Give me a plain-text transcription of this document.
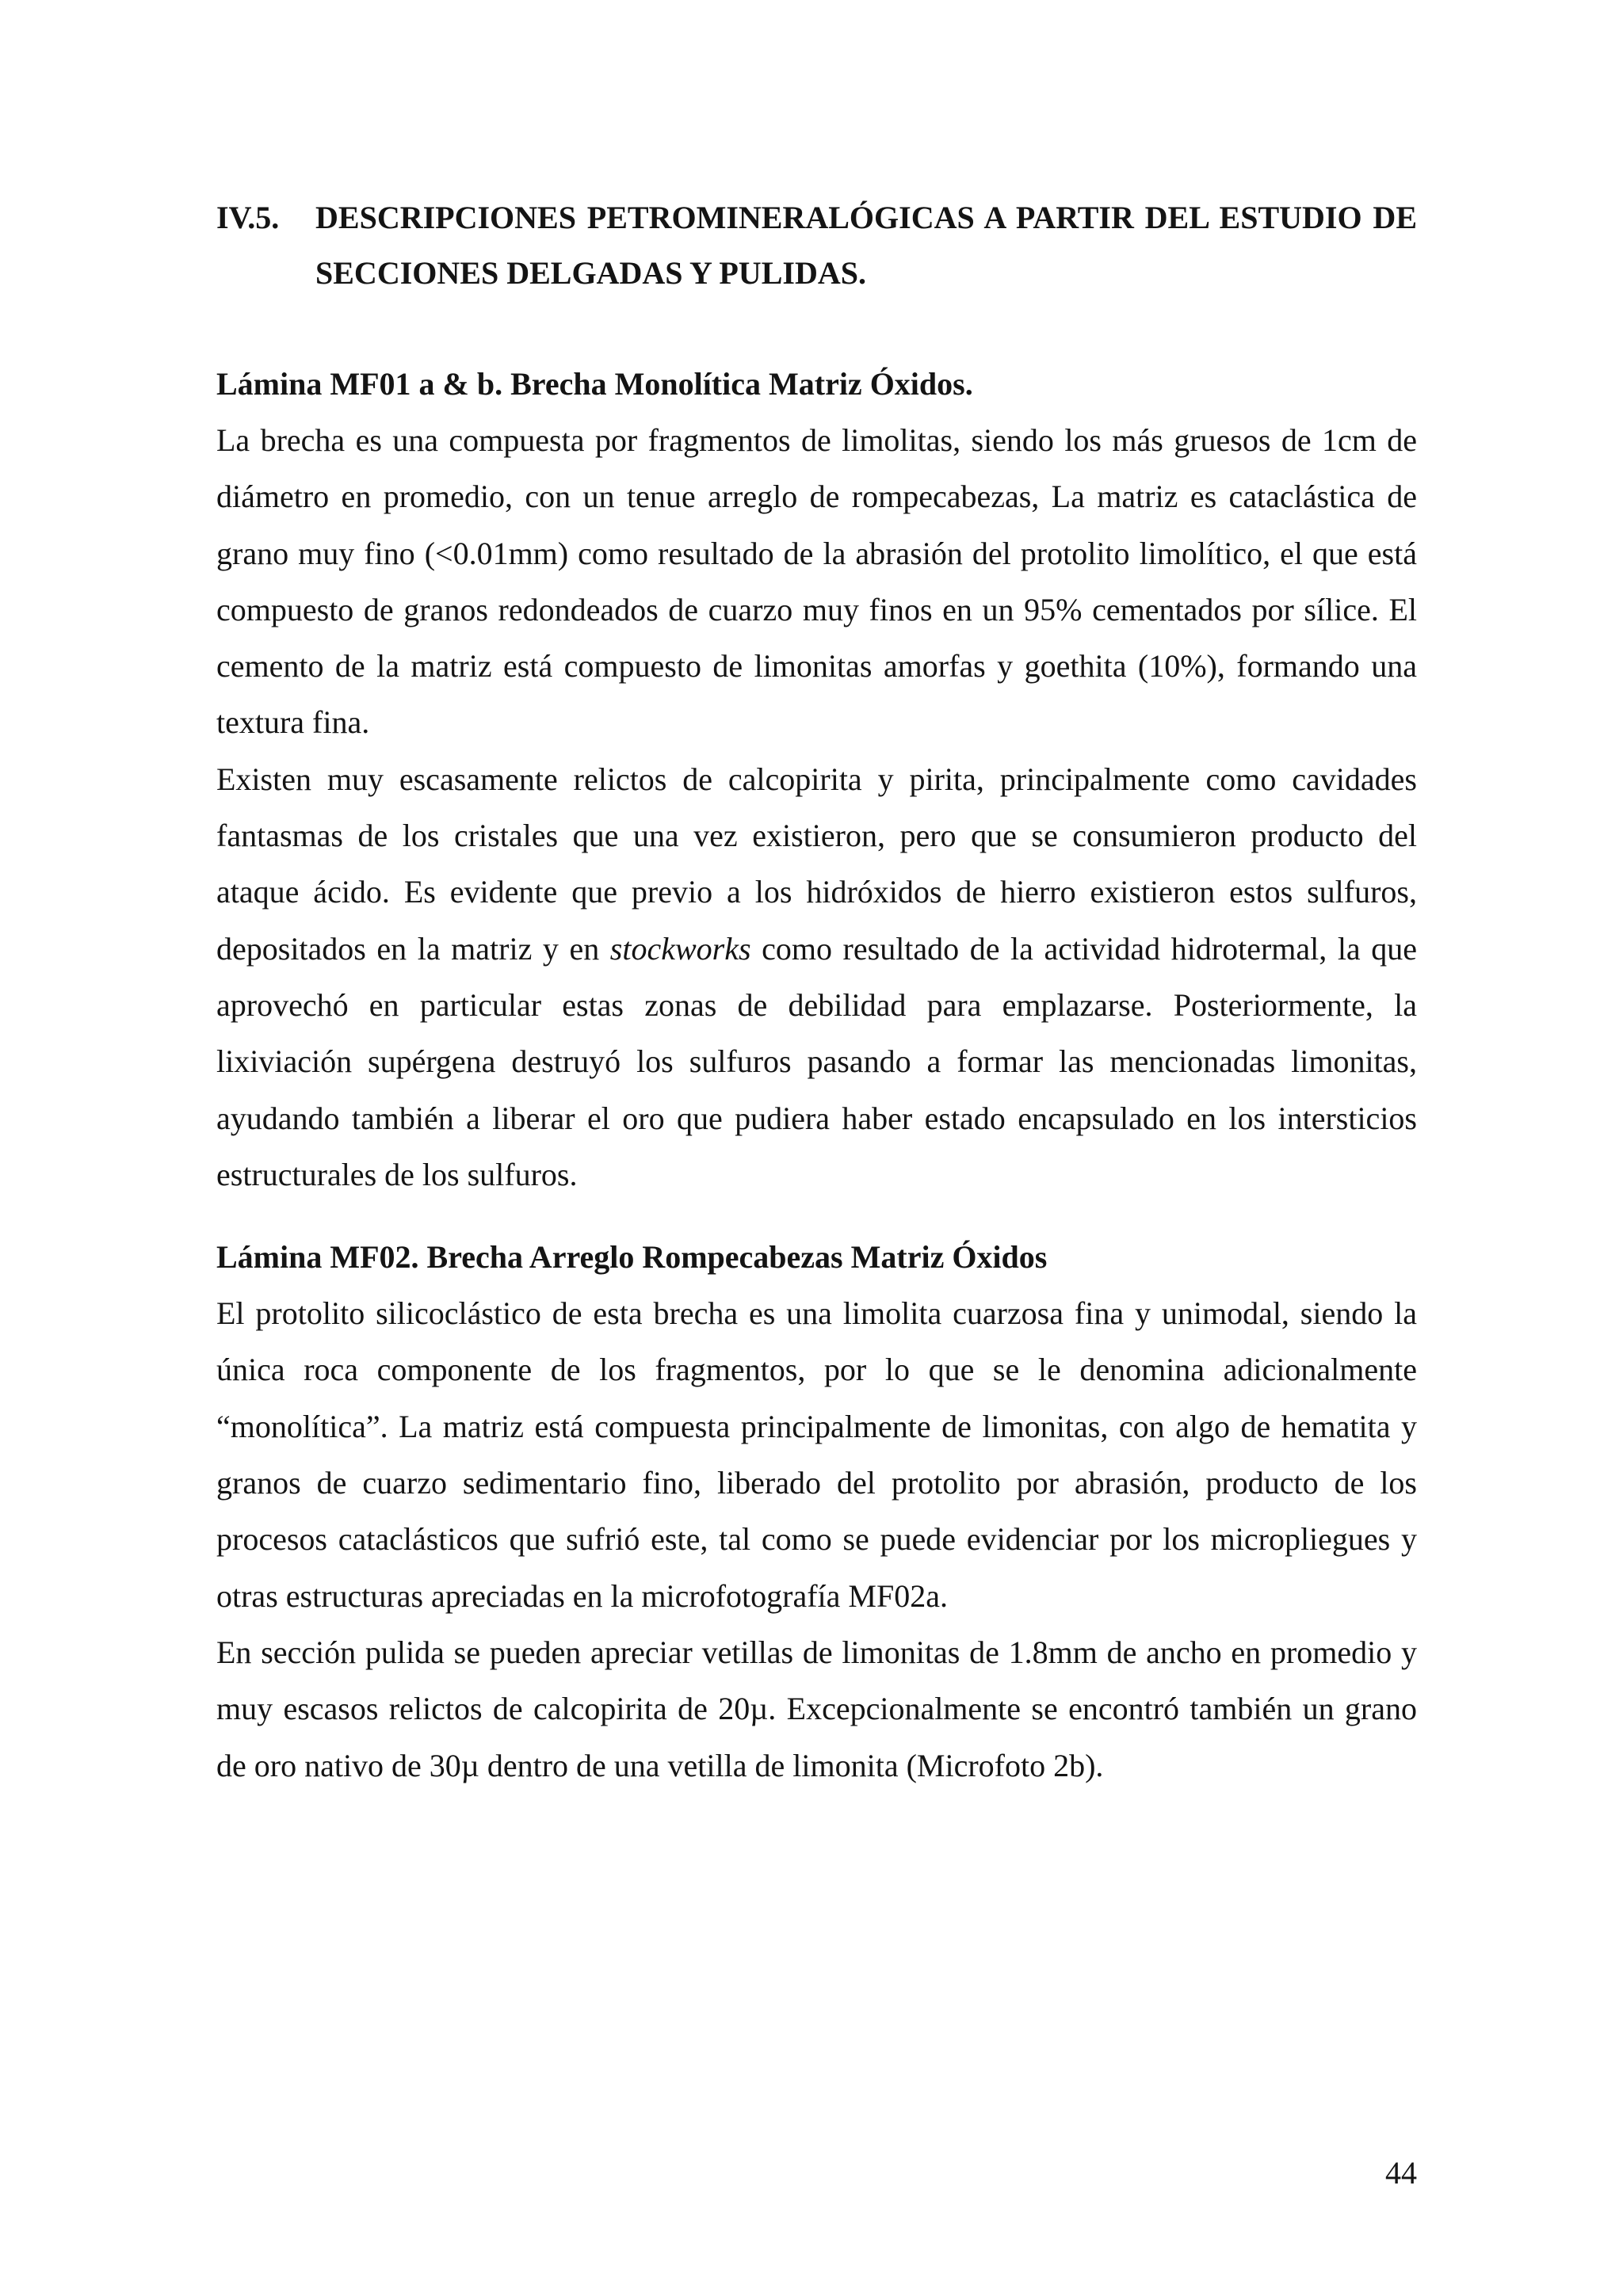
IV.5.	DESCRIPCIONES PETROMINERALÓGICAS A PARTIR DEL ESTUDIO DE SECCIONES DELGADAS Y PULIDAS.

Lámina MF01 a & b. Brecha Monolítica Matriz Óxidos.

La brecha es una compuesta por fragmentos de limolitas, siendo los más gruesos de 1cm de diámetro en promedio, con un tenue arreglo de rompecabezas, La matriz es cataclástica de grano muy fino (<0.01mm) como resultado de la abrasión del protolito limolítico, el que está compuesto de granos redondeados de cuarzo muy finos en un 95% cementados por sílice. El cemento de la matriz está compuesto de limonitas amorfas y goethita (10%), formando una textura fina.

Existen muy escasamente relictos de calcopirita y pirita, principalmente como cavidades fantasmas de los cristales que una vez existieron, pero que se consumieron producto del ataque ácido. Es evidente que previo a los hidróxidos de hierro existieron estos sulfuros, depositados en la matriz y en stockworks como resultado de la actividad hidrotermal, la que aprovechó en particular estas zonas de debilidad para emplazarse. Posteriormente, la lixiviación supérgena destruyó los sulfuros pasando a formar las mencionadas limonitas, ayudando también a liberar el oro que pudiera haber estado encapsulado en los intersticios estructurales de los sulfuros.

Lámina MF02. Brecha Arreglo Rompecabezas Matriz Óxidos

El protolito silicoclástico de esta brecha es una limolita cuarzosa fina y unimodal, siendo la única roca componente de los fragmentos, por lo que se le denomina adicionalmente “monolítica”. La matriz está compuesta principalmente de limonitas, con algo de hematita y granos de cuarzo sedimentario fino, liberado del protolito por abrasión, producto de los procesos cataclásticos que sufrió este, tal como se puede evidenciar por los micropliegues y otras estructuras apreciadas en la microfotografía MF02a.

En sección pulida se pueden apreciar vetillas de limonitas de 1.8mm de ancho en promedio y muy escasos relictos de calcopirita de 20µ. Excepcionalmente se encontró también un grano de oro nativo de 30µ dentro de una vetilla de limonita (Microfoto 2b).

44
